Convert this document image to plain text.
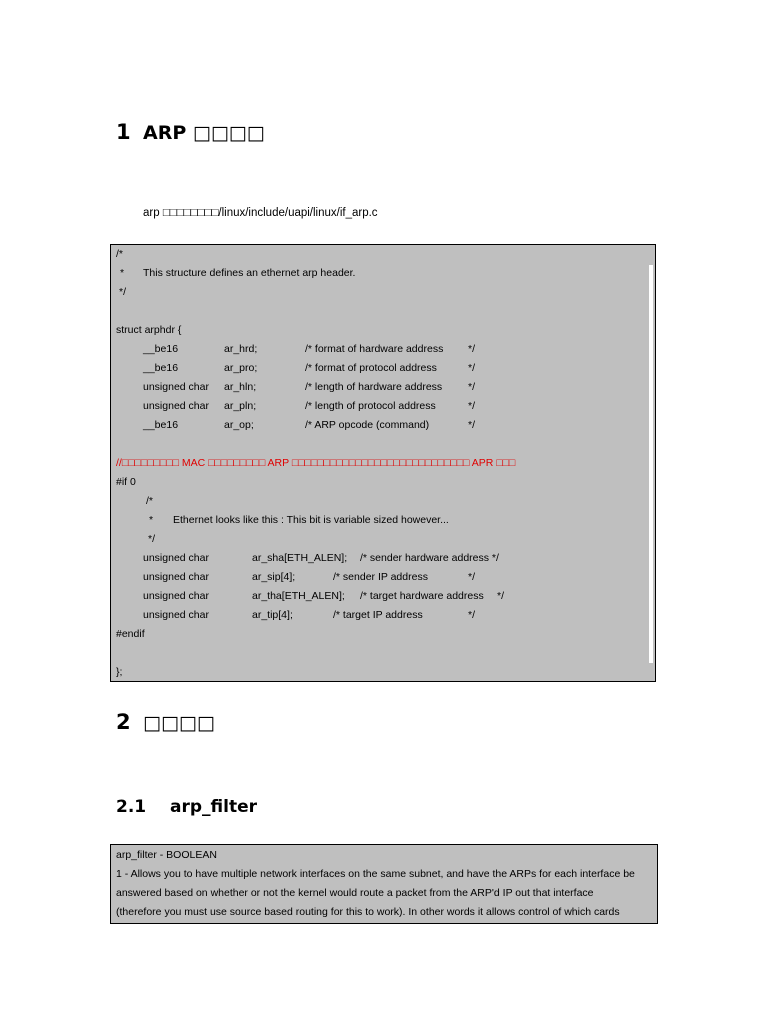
1 ARP □□□□
arp □□□□□□□□/linux/include/uapi/linux/if_arp.c
/*
* This structure defines an ethernet arp header.
*/
struct arphdr {
__be16	ar_hrd;	/* format of hardware address */
__be16	ar_pro;	/* format of protocol address	*/
unsigned char ar_hln;	/* length of hardware address */
unsigned char ar_pln;	/* length of protocol address	*/
__be16	ar_op;	/* ARP opcode (command)	*/
//□□□□□□□□□ MAC □□□□□□□□□ ARP □□□□□□□□□□□□□□□□□□□□□□□□□□□□ APR □□□
#if 0
/*
* Ethernet looks like this : This bit is variable sized however...
*/
unsigned char	ar_sha[ETH_ALEN]; /* sender hardware address */
unsigned char	ar_sip[4];	/* sender IP address	*/
unsigned char	ar_tha[ETH_ALEN]; /* target hardware address */
unsigned char	ar_tip[4];	/* target IP address	*/
#endif
};
2 □□□□
2.1 arp_filter
arp_filter - BOOLEAN
1 - Allows you to have multiple network interfaces on the same subnet, and have the ARPs for each interface be
answered based on whether or not the kernel would route a packet from the ARP'd IP out that interface
(therefore you must use source based routing for this to work). In other words it allows control of which cards
